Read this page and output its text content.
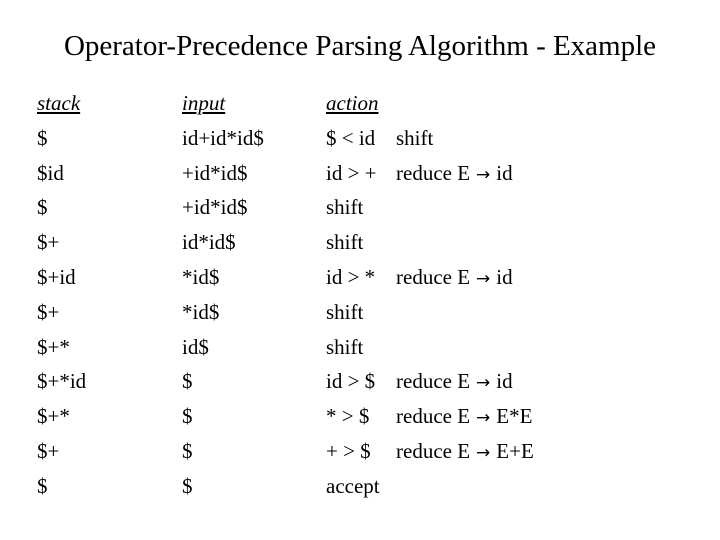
Operator-Precedence Parsing Algorithm - Example
stack
$
$id
$
$+
$+id
$+
$+*
$+*id
$+*
$+
$
input
id+id*id$
+id*id$
+id*id$
id*id$
*id$
*id$
id$
$
$
$
$
action
$ < id shift
id > + reduce E → id
shift
shift
id > * reduce E → id
shift
shift
id > $ reduce E → id
* > $ reduce E → E*E
+ > $ reduce E → E+E
accept
